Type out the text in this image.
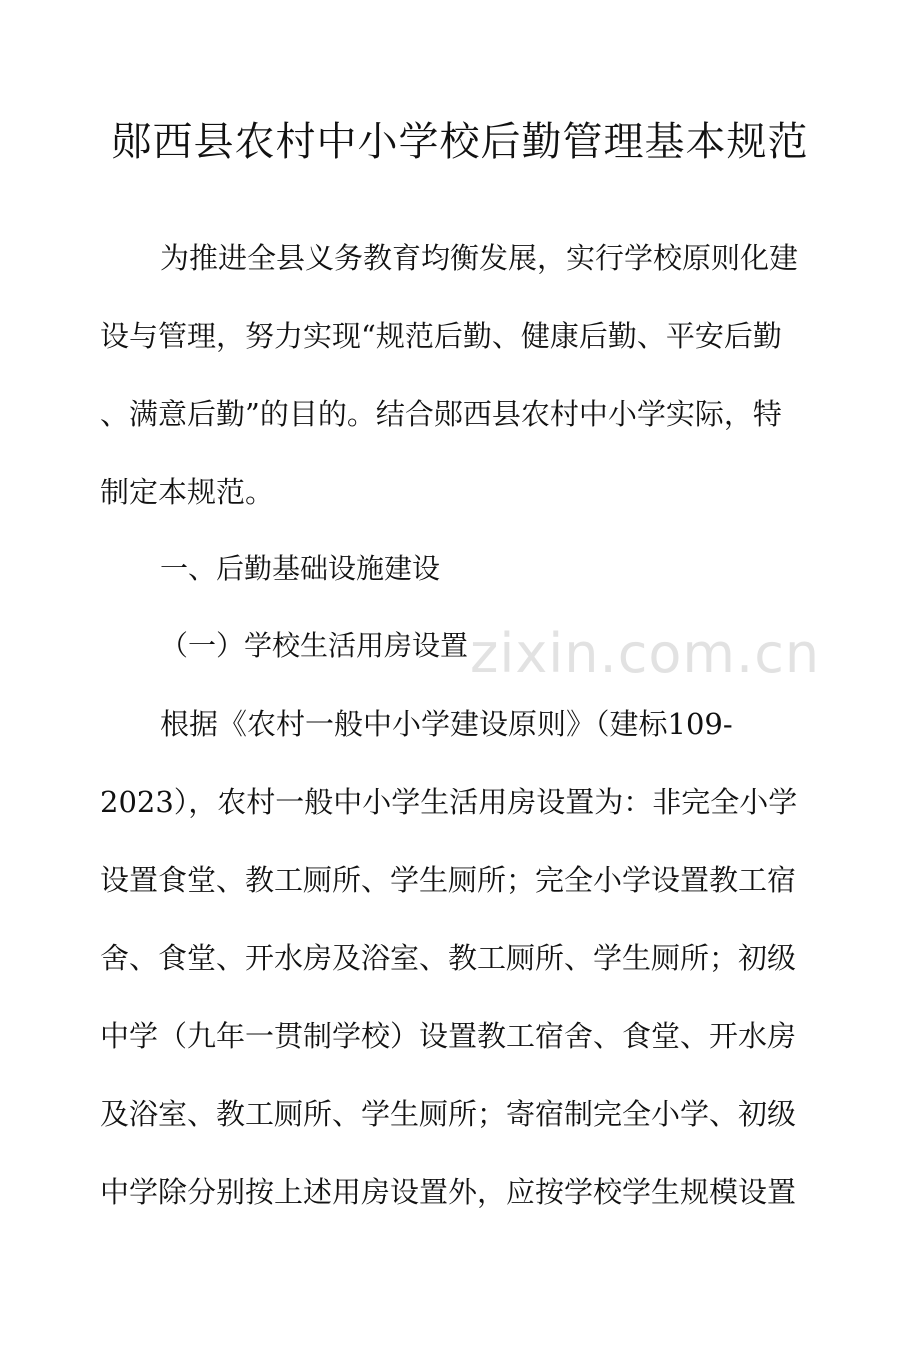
郧西县农村中小学校后勤管理基本规范
为推进全县义务教育均衡发展，实行学校原则化建
设与管理，努力实现“规范后勤、健康后勤、平安后勤
、满意后勤”的目的。结合郧西县农村中小学实际，特
制定本规范。
一、后勤基础设施建设
（一）学校生活用房设置
根据《农村一般中小学建设原则》（建标109-
2023），农村一般中小学生活用房设置为：非完全小学
设置食堂、教工厕所、学生厕所；完全小学设置教工宿
舍、食堂、开水房及浴室、教工厕所、学生厕所；初级
中学（九年一贯制学校）设置教工宿舍、食堂、开水房
及浴室、教工厕所、学生厕所；寄宿制完全小学、初级
中学除分别按上述用房设置外，应按学校学生规模设置
zixin.com.cn
